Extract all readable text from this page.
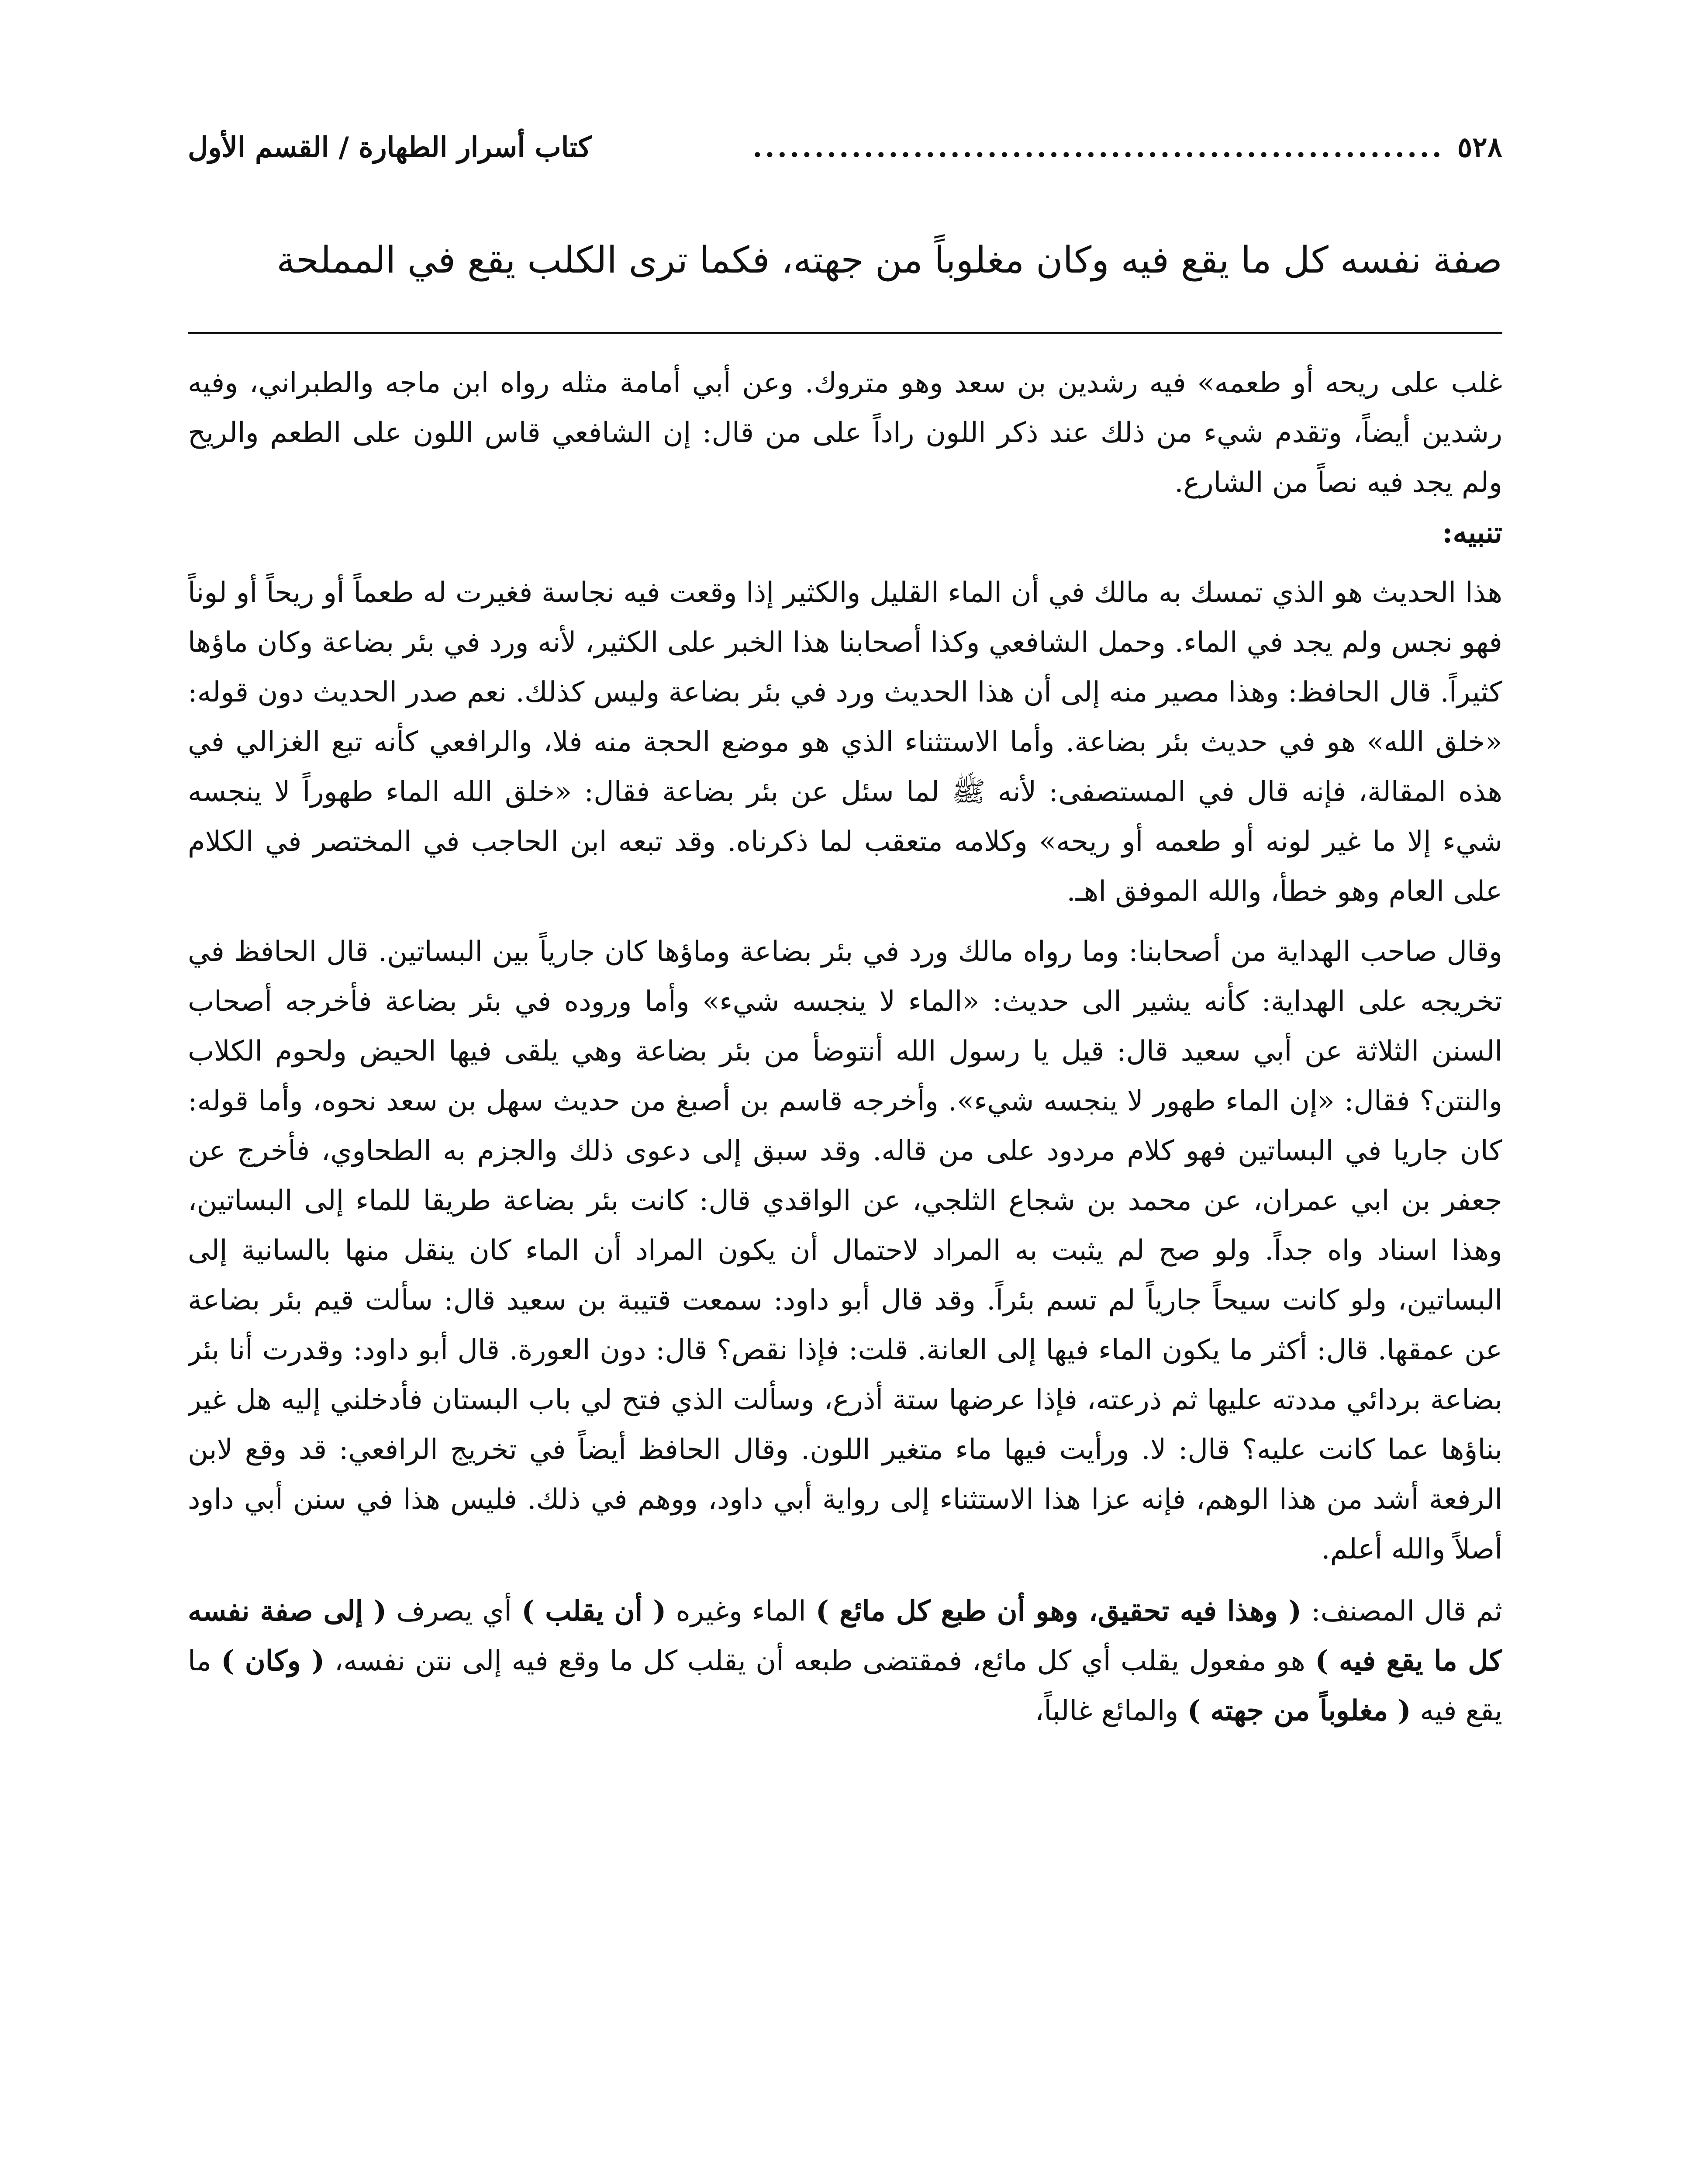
٥٢٨
........................................................
كتاب أسرار الطهارة / القسم الأول
صفة نفسه كل ما يقع فيه وكان مغلوباً من جهته، فكما ترى الكلب يقع في المملحة

غلب على ريحه أو طعمه» فيه رشدين بن سعد وهو متروك. وعن أبي أمامة مثله رواه ابن ماجه والطبراني، وفيه رشدين أيضاً، وتقدم شيء من ذلك عند ذكر اللون راداً على من قال: إن الشافعي قاس اللون على الطعم والريح ولم يجد فيه نصاً من الشارع.

تنبيه:

هذا الحديث هو الذي تمسك به مالك في أن الماء القليل والكثير إذا وقعت فيه نجاسة فغيرت له طعماً أو ريحاً أو لوناً فهو نجس ولم يجد في الماء. وحمل الشافعي وكذا أصحابنا هذا الخبر على الكثير، لأنه ورد في بئر بضاعة وكان ماؤها كثيراً. قال الحافظ: وهذا مصير منه إلى أن هذا الحديث ورد في بئر بضاعة وليس كذلك. نعم صدر الحديث دون قوله: «خلق الله» هو في حديث بئر بضاعة. وأما الاستثناء الذي هو موضع الحجة منه فلا، والرافعي كأنه تبع الغزالي في هذه المقالة، فإنه قال في المستصفى: لأنه ﷺ لما سئل عن بئر بضاعة فقال: «خلق الله الماء طهوراً لا ينجسه شيء إلا ما غير لونه أو طعمه أو ريحه» وكلامه متعقب لما ذكرناه. وقد تبعه ابن الحاجب في المختصر في الكلام على العام وهو خطأ، والله الموفق اهـ.

وقال صاحب الهداية من أصحابنا: وما رواه مالك ورد في بئر بضاعة وماؤها كان جارياً بين البساتين. قال الحافظ في تخريجه على الهداية: كأنه يشير الى حديث: «الماء لا ينجسه شيء» وأما وروده في بئر بضاعة فأخرجه أصحاب السنن الثلاثة عن أبي سعيد قال: قيل يا رسول الله أنتوضأ من بئر بضاعة وهي يلقى فيها الحيض ولحوم الكلاب والنتن؟ فقال: «إن الماء طهور لا ينجسه شيء». وأخرجه قاسم بن أصبغ من حديث سهل بن سعد نحوه، وأما قوله: كان جاريا في البساتين فهو كلام مردود على من قاله. وقد سبق إلى دعوى ذلك والجزم به الطحاوي، فأخرج عن جعفر بن ابي عمران، عن محمد بن شجاع الثلجي، عن الواقدي قال: كانت بئر بضاعة طريقا للماء إلى البساتين، وهذا اسناد واه جداً. ولو صح لم يثبت به المراد لاحتمال أن يكون المراد أن الماء كان ينقل منها بالسانية إلى البساتين، ولو كانت سيحاً جارياً لم تسم بئراً. وقد قال أبو داود: سمعت قتيبة بن سعيد قال: سألت قيم بئر بضاعة عن عمقها. قال: أكثر ما يكون الماء فيها إلى العانة. قلت: فإذا نقص؟ قال: دون العورة. قال أبو داود: وقدرت أنا بئر بضاعة بردائي مددته عليها ثم ذرعته، فإذا عرضها ستة أذرع، وسألت الذي فتح لي باب البستان فأدخلني إليه هل غير بناؤها عما كانت عليه؟ قال: لا. ورأيت فيها ماء متغير اللون. وقال الحافظ أيضاً في تخريج الرافعي: قد وقع لابن الرفعة أشد من هذا الوهم، فإنه عزا هذا الاستثناء إلى رواية أبي داود، ووهم في ذلك. فليس هذا في سنن أبي داود أصلاً والله أعلم.

ثم قال المصنف: ( وهذا فيه تحقيق، وهو أن طبع كل مائع ) الماء وغيره ( أن يقلب ) أي يصرف ( إلى صفة نفسه كل ما يقع فيه ) هو مفعول يقلب أي كل مائع، فمقتضى طبعه أن يقلب كل ما وقع فيه إلى نتن نفسه، ( وكان ) ما يقع فيه ( مغلوباً من جهته ) والمائع غالباً،
